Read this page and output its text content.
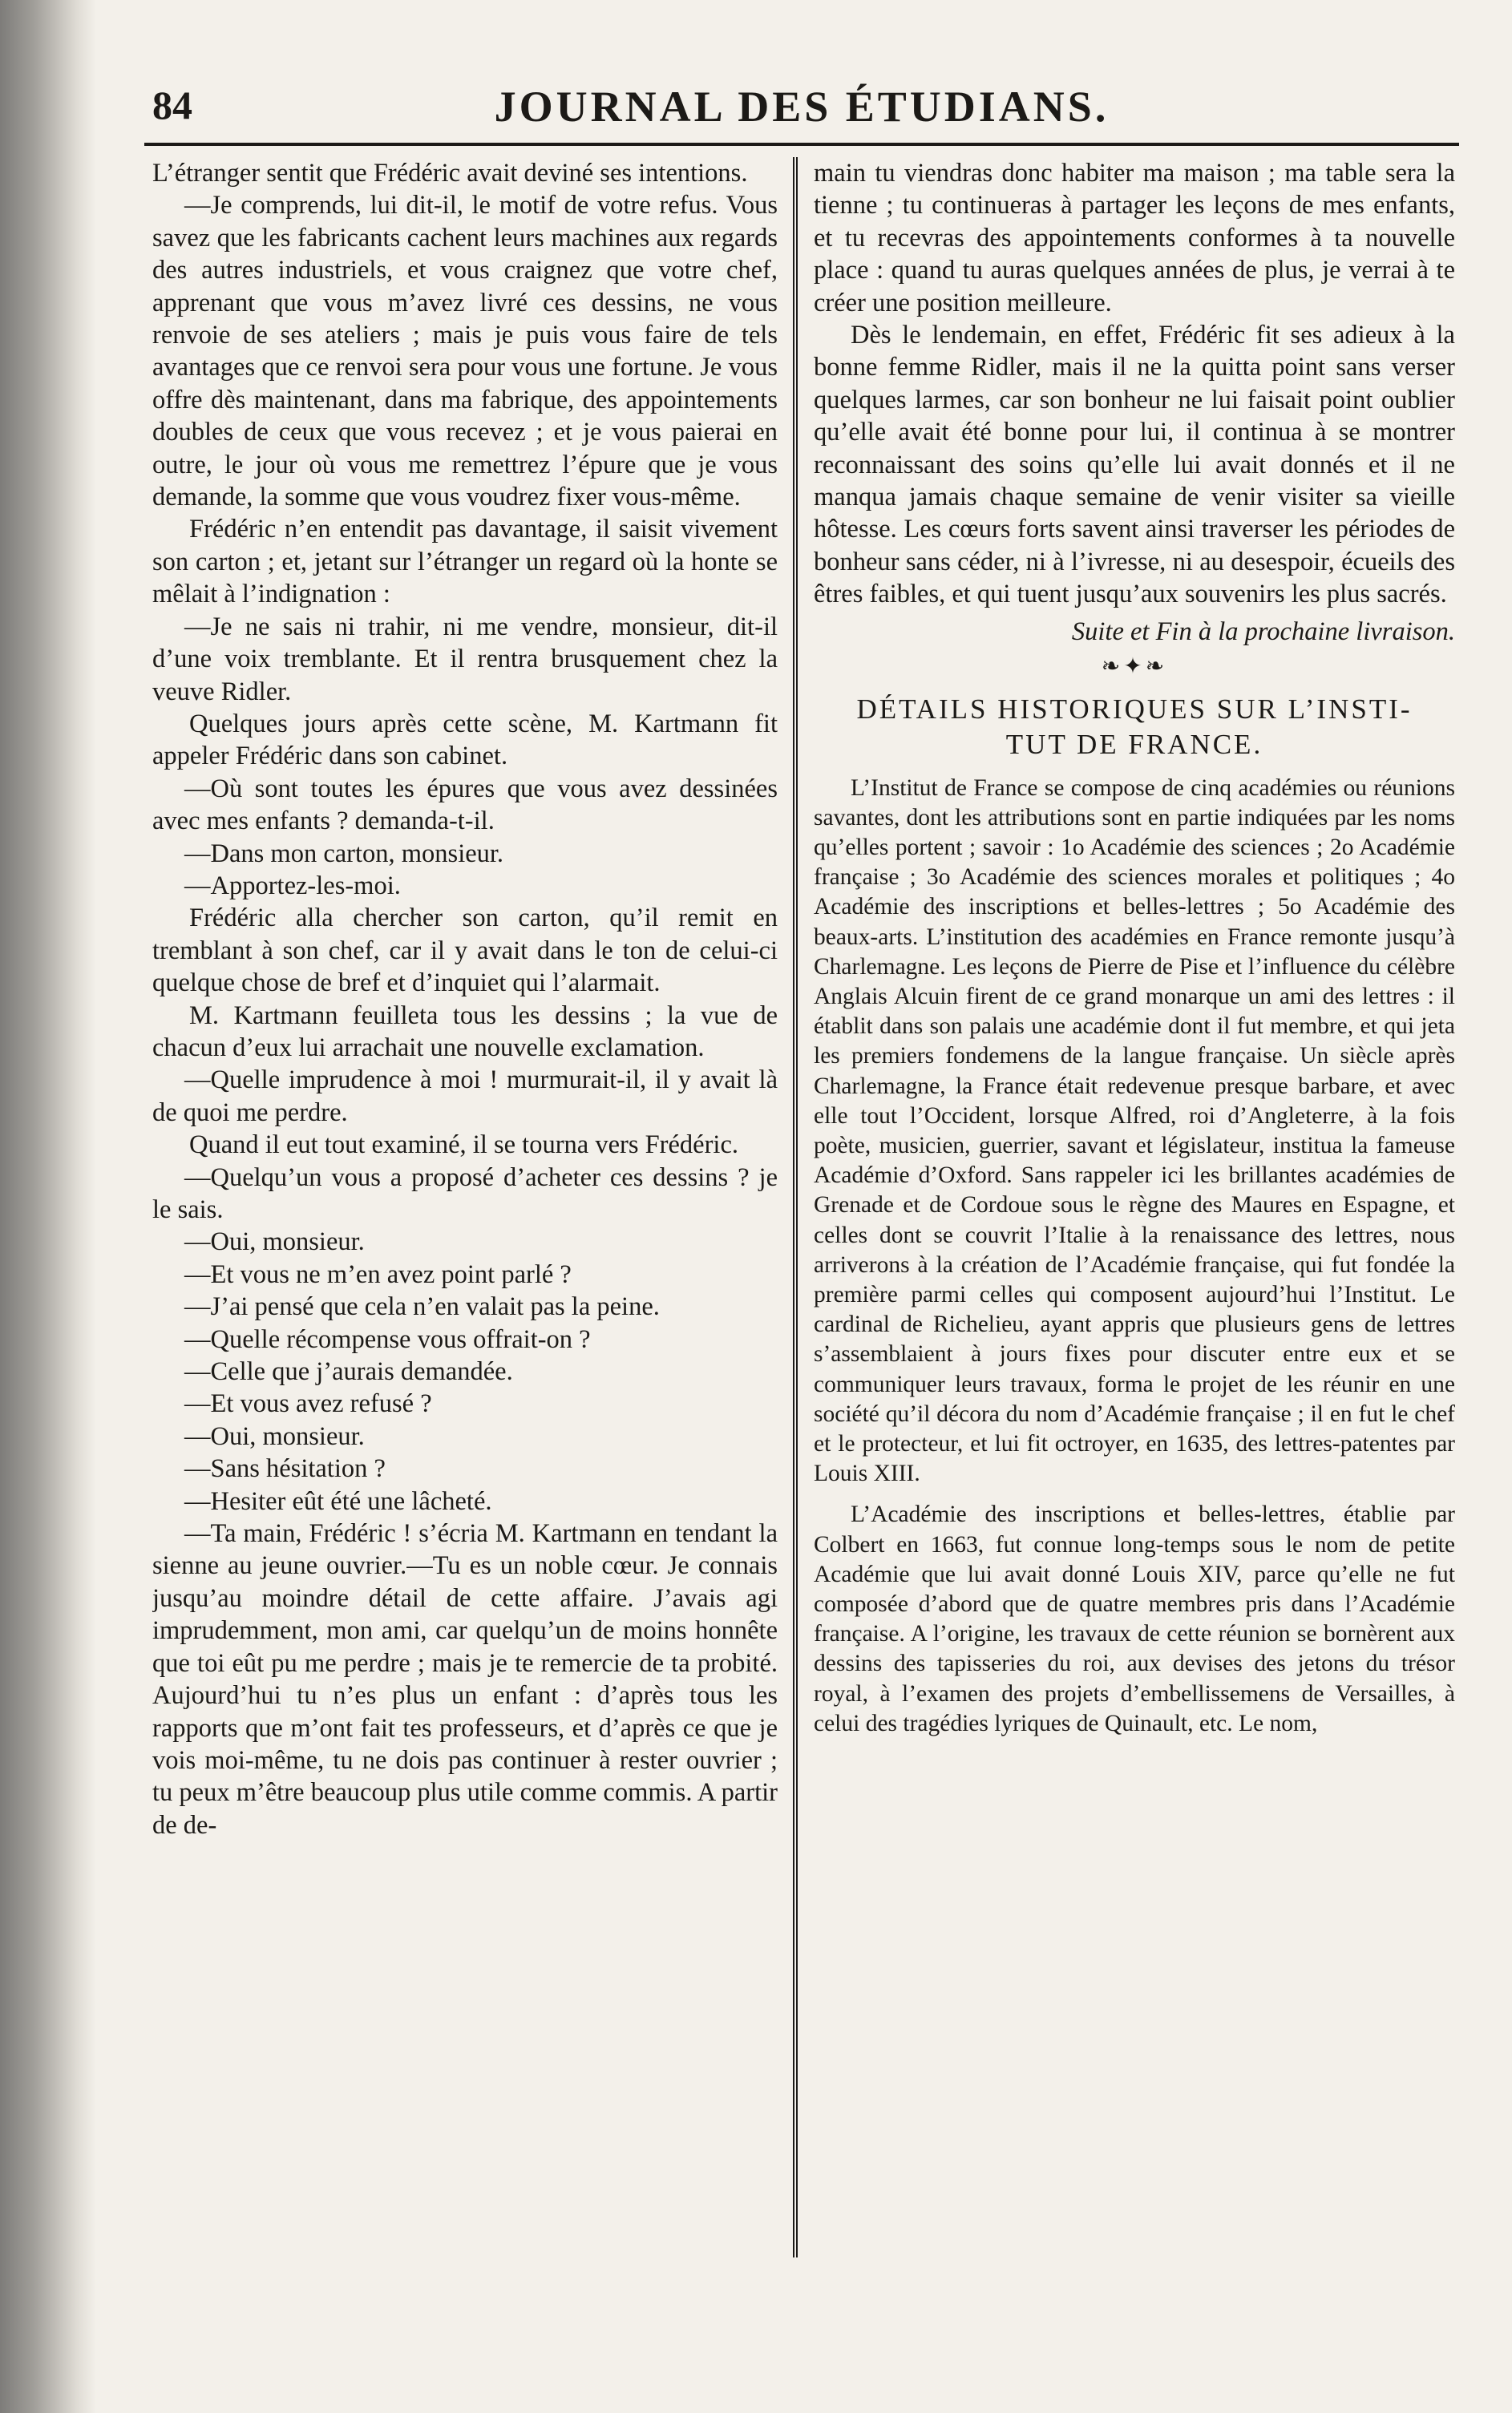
84	JOURNAL DES ÉTUDIANS.

L’étranger sentit que Frédéric avait deviné ses intentions.

—Je comprends, lui dit-il, le motif de votre refus. Vous savez que les fabricants cachent leurs machines aux regards des autres industriels, et vous craignez que votre chef, apprenant que vous m’avez livré ces dessins, ne vous renvoie de ses ateliers ; mais je puis vous faire de tels avantages que ce renvoi sera pour vous une fortune. Je vous offre dès maintenant, dans ma fabrique, des appointements doubles de ceux que vous recevez ; et je vous paierai en outre, le jour où vous me remettrez l’épure que je vous demande, la somme que vous voudrez fixer vous-même.

Frédéric n’en entendit pas davantage, il saisit vivement son carton ; et, jetant sur l’étranger un regard où la honte se mêlait à l’indignation :

—Je ne sais ni trahir, ni me vendre, monsieur, dit-il d’une voix tremblante. Et il rentra brusquement chez la veuve Ridler.

Quelques jours après cette scène, M. Kartmann fit appeler Frédéric dans son cabinet.

—Où sont toutes les épures que vous avez dessinées avec mes enfants ? demanda-t-il.

—Dans mon carton, monsieur.

—Apportez-les-moi.

Frédéric alla chercher son carton, qu’il remit en tremblant à son chef, car il y avait dans le ton de celui-ci quelque chose de bref et d’inquiet qui l’alarmait.

M. Kartmann feuilleta tous les dessins ; la vue de chacun d’eux lui arrachait une nouvelle exclamation.

—Quelle imprudence à moi ! murmurait-il, il y avait là de quoi me perdre.

Quand il eut tout examiné, il se tourna vers Frédéric.

—Quelqu’un vous a proposé d’acheter ces dessins ? je le sais.

—Oui, monsieur.

—Et vous ne m’en avez point parlé ?

—J’ai pensé que cela n’en valait pas la peine.

—Quelle récompense vous offrait-on ?

—Celle que j’aurais demandée.

—Et vous avez refusé ?

—Oui, monsieur.

—Sans hésitation ?

—Hesiter eût été une lâcheté.

—Ta main, Frédéric ! s’écria M. Kartmann en tendant la sienne au jeune ouvrier.—Tu es un noble cœur. Je connais jusqu’au moindre détail de cette affaire. J’avais agi imprudemment, mon ami, car quelqu’un de moins honnête que toi eût pu me perdre ; mais je te remercie de ta probité. Aujourd’hui tu n’es plus un enfant : d’après tous les rapports que m’ont fait tes professeurs, et d’après ce que je vois moi-même, tu ne dois pas continuer à rester ouvrier ; tu peux m’être beaucoup plus utile comme commis. A partir de de-

main tu viendras donc habiter ma maison ; ma table sera la tienne ; tu continueras à partager les leçons de mes enfants, et tu recevras des appointements conformes à ta nouvelle place : quand tu auras quelques années de plus, je verrai à te créer une position meilleure.

Dès le lendemain, en effet, Frédéric fit ses adieux à la bonne femme Ridler, mais il ne la quitta point sans verser quelques larmes, car son bonheur ne lui faisait point oublier qu’elle avait été bonne pour lui, il continua à se montrer reconnaissant des soins qu’elle lui avait donnés et il ne manqua jamais chaque semaine de venir visiter sa vieille hôtesse. Les cœurs forts savent ainsi traverser les périodes de bonheur sans céder, ni à l’ivresse, ni au desespoir, écueils des êtres faibles, et qui tuent jusqu’aux souvenirs les plus sacrés.

Suite et Fin à la prochaine livraison.
❧✦❧
DÉTAILS HISTORIQUES SUR L’INSTI-
TUT DE FRANCE.

L’Institut de France se compose de cinq académies ou réunions savantes, dont les attributions sont en partie indiquées par les noms qu’elles portent ; savoir : 1o Académie des sciences ; 2o Académie française ; 3o Académie des sciences morales et politiques ; 4o Académie des inscriptions et belles-lettres ; 5o Académie des beaux-arts. L’institution des académies en France remonte jusqu’à Charlemagne. Les leçons de Pierre de Pise et l’influence du célèbre Anglais Alcuin firent de ce grand monarque un ami des lettres : il établit dans son palais une académie dont il fut membre, et qui jeta les premiers fondemens de la langue française. Un siècle après Charlemagne, la France était redevenue presque barbare, et avec elle tout l’Occident, lorsque Alfred, roi d’Angleterre, à la fois poète, musicien, guerrier, savant et législateur, institua la fameuse Académie d’Oxford. Sans rappeler ici les brillantes académies de Grenade et de Cordoue sous le règne des Maures en Espagne, et celles dont se couvrit l’Italie à la renaissance des lettres, nous arriverons à la création de l’Académie française, qui fut fondée la première parmi celles qui composent aujourd’hui l’Institut. Le cardinal de Richelieu, ayant appris que plusieurs gens de lettres s’assemblaient à jours fixes pour discuter entre eux et se communiquer leurs travaux, forma le projet de les réunir en une société qu’il décora du nom d’Académie française ; il en fut le chef et le protecteur, et lui fit octroyer, en 1635, des lettres-patentes par Louis XIII.

L’Académie des inscriptions et belles-lettres, établie par Colbert en 1663, fut connue long-temps sous le nom de petite Académie que lui avait donné Louis XIV, parce qu’elle ne fut composée d’abord que de quatre membres pris dans l’Académie française. A l’origine, les travaux de cette réunion se bornèrent aux dessins des tapisseries du roi, aux devises des jetons du trésor royal, à l’examen des projets d’embellissemens de Versailles, à celui des tragédies lyriques de Quinault, etc. Le nom,
